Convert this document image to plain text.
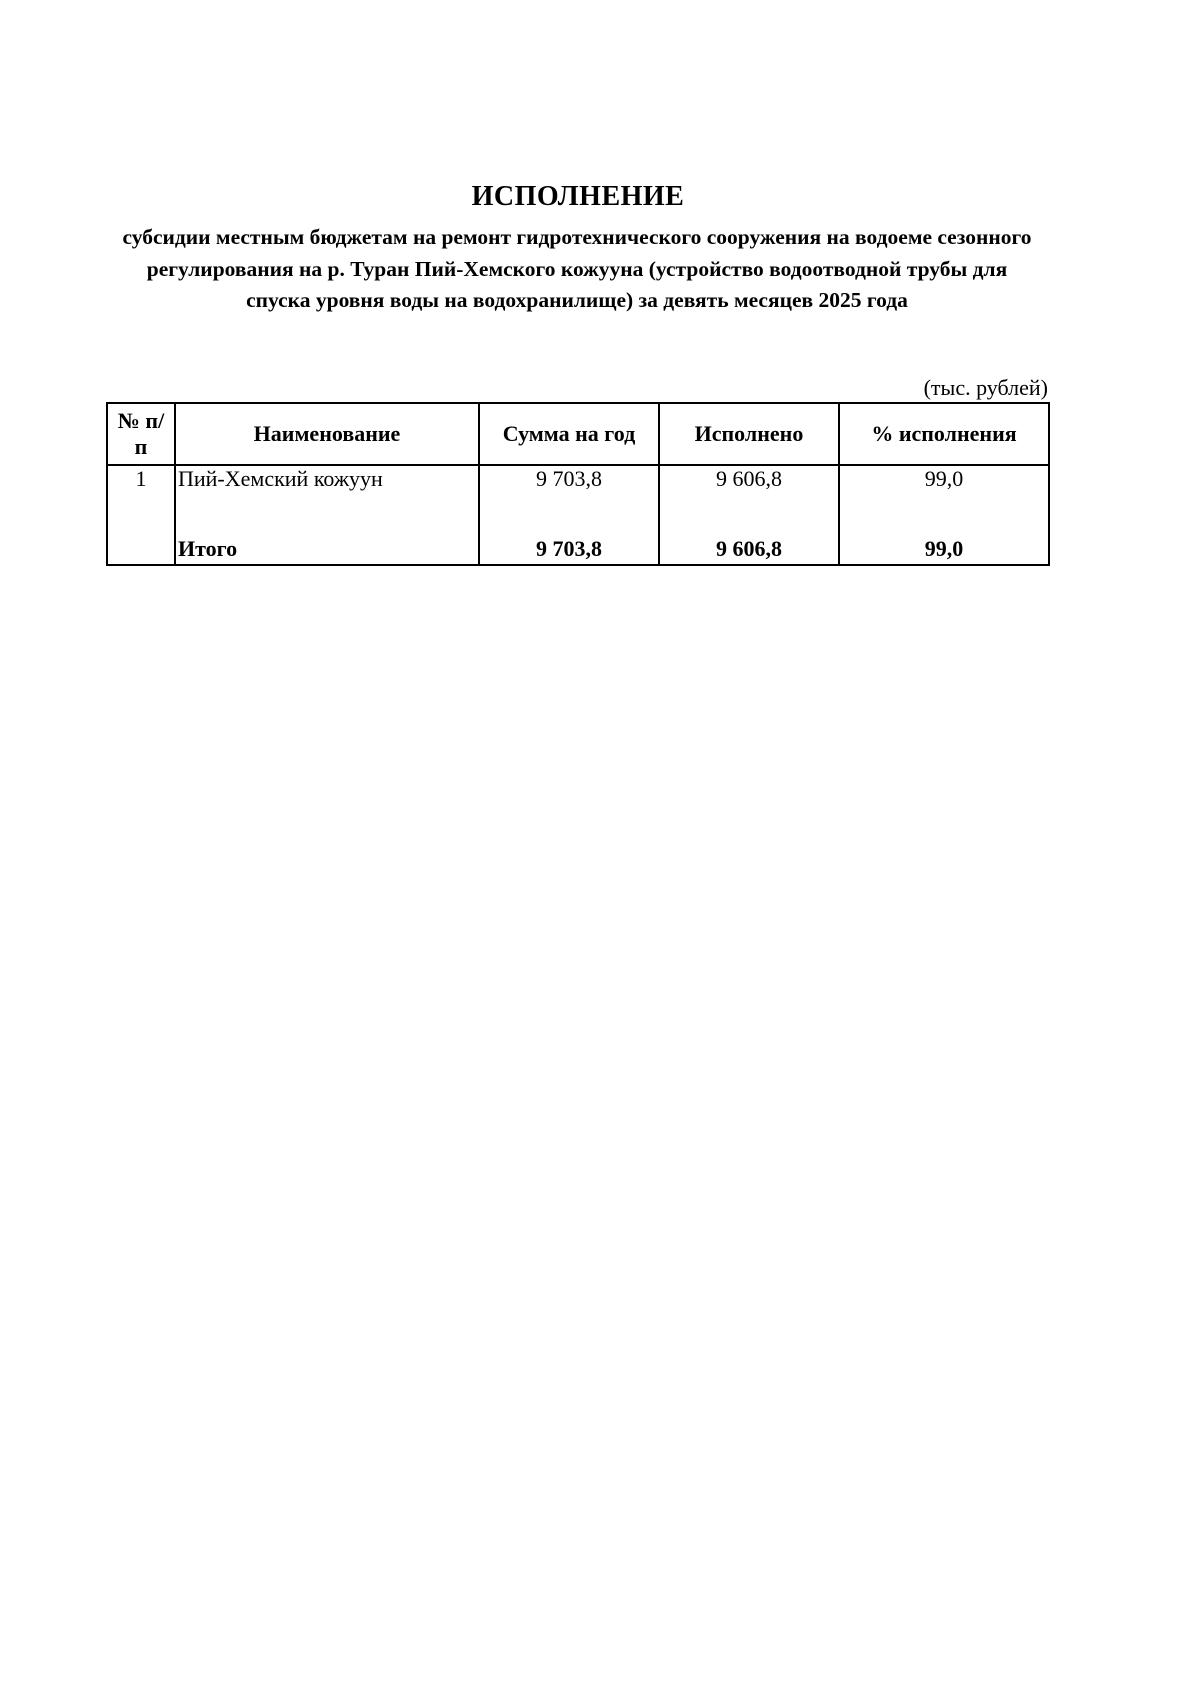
ИСПОЛНЕНИЕ
субсидии местным бюджетам на ремонт гидротехнического сооружения на водоеме сезонного регулирования на р. Туран Пий-Хемского кожууна (устройство водоотводной трубы для спуска уровня воды на водохранилище) за девять месяцев 2025 года
(тыс. рублей)
№ п/п	Наименование	Сумма на год	Исполнено	% исполнения
1	Пий-Хемский кожуун	9 703,8	9 606,8	99,0

	Итого	9 703,8	9 606,8	99,0
